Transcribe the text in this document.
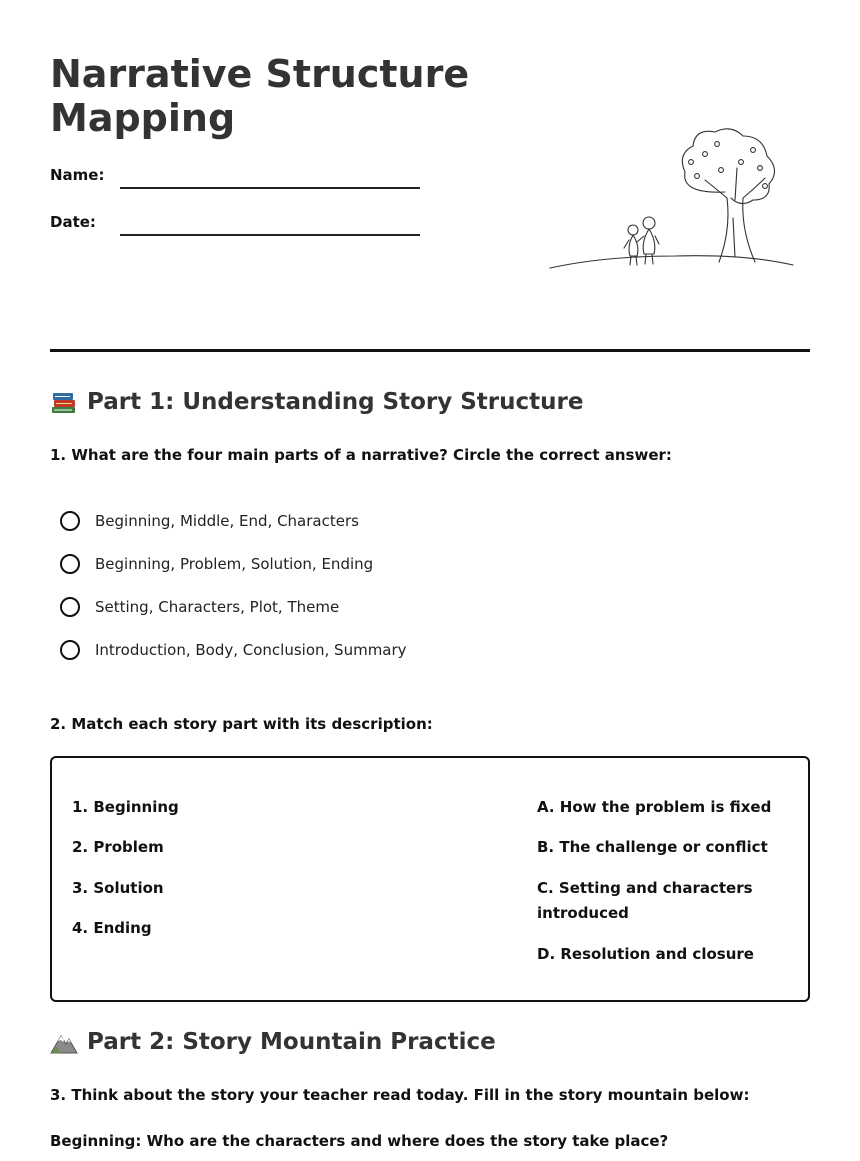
Narrative Structure Mapping
Name:
Date:
Part 1: Understanding Story Structure
1. What are the four main parts of a narrative? Circle the correct answer:
Beginning, Middle, End, Characters
Beginning, Problem, Solution, Ending
Setting, Characters, Plot, Theme
Introduction, Body, Conclusion, Summary
2. Match each story part with its description:
1. Beginning
2. Problem
3. Solution
4. Ending
A. How the problem is fixed
B. The challenge or conflict
C. Setting and characters introduced
D. Resolution and closure
Part 2: Story Mountain Practice
3. Think about the story your teacher read today. Fill in the story mountain below:
Beginning: Who are the characters and where does the story take place?
